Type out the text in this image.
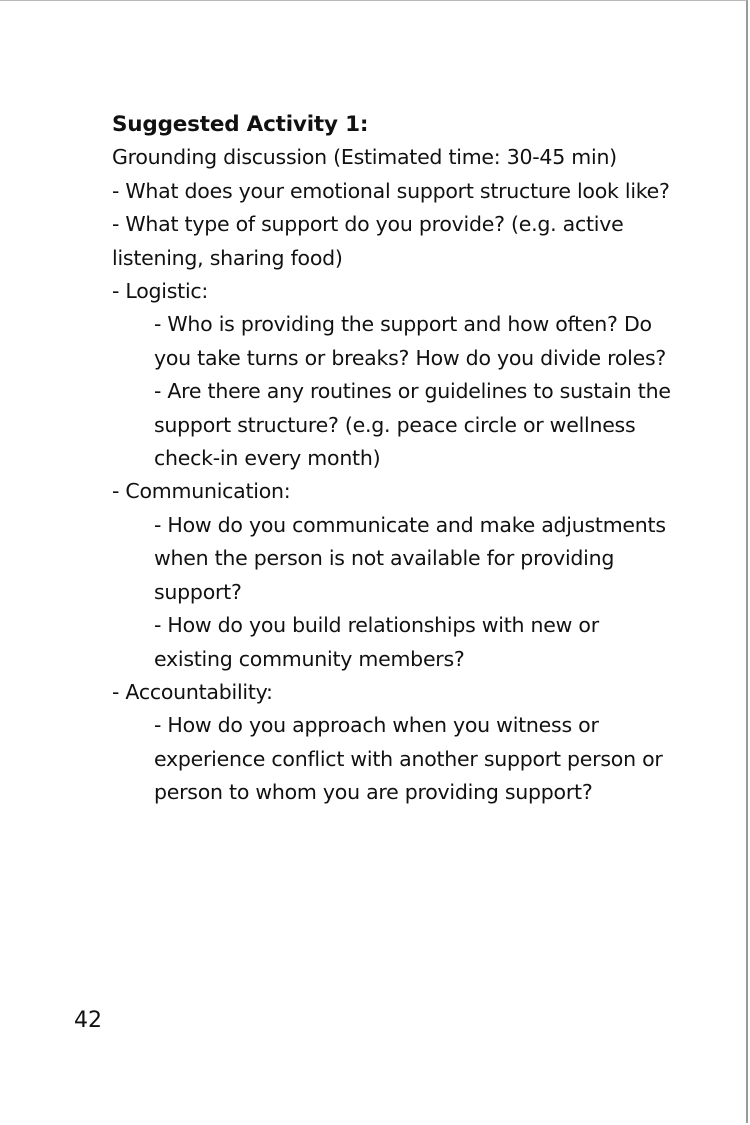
Suggested Activity 1:

Grounding discussion (Estimated time: 30-45 min)

- What does your emotional support structure look like?

- What type of support do you provide? (e.g. active listening, sharing food)

- Logistic:

- Who is providing the support and how often? Do you take turns or breaks? How do you divide roles?

- Are there any routines or guidelines to sustain the support structure? (e.g. peace circle or wellness check-in every month)

- Communication:

- How do you communicate and make adjustments when the person is not available for providing support?

- How do you build relationships with new or existing community members?

- Accountability:

- How do you approach when you witness or experience conflict with another support person or person to whom you are providing support?

42
